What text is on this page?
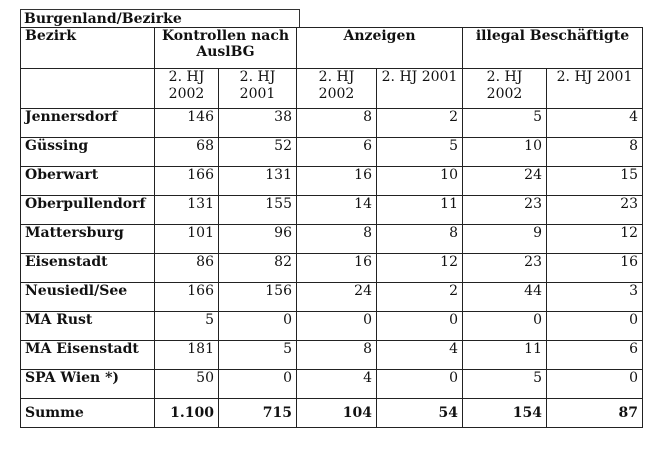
Burgenland/Bezirke
Bezirk	Kontrollen nach AuslBG		Anzeigen		illegal Beschäftigte	
	2. HJ 2002	2. HJ 2001	2. HJ 2002	2. HJ 2001	2. HJ 2002	2. HJ 2001
Jennersdorf	146	38	8	2	5	4
Güssing	68	52	6	5	10	8
Oberwart	166	131	16	10	24	15
Oberpullendorf	131	155	14	11	23	23
Mattersburg	101	96	8	8	9	12
Eisenstadt	86	82	16	12	23	16
Neusiedl/See	166	156	24	2	44	3
MA Rust	5	0	0	0	0	0
MA Eisenstadt	181	5	8	4	11	6
SPA Wien *)	50	0	4	0	5	0
Summe	1.100	715	104	54	154	87
